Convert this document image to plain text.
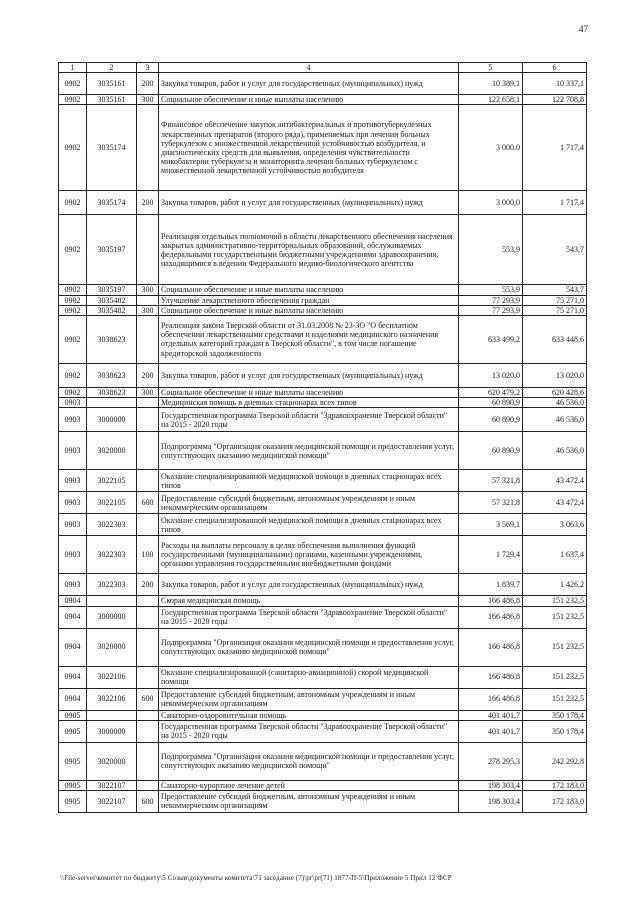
47
1	2	3	4	5	6
0902	3035161	200	Закупка товаров, работ и услуг для государственных (муниципальных) нужд	10 389,1	10 337,1
0902	3035161	300	Социальное обеспечение и иные выплаты населению	122 658,1	122 708,8
0902	3035174		Финансовое обеспечение закупок антибактериальных и противотуберкулезных лекарственных препаратов (второго ряда), применяемых при лечении больных туберкулезом с множественной лекарственной устойчивостью возбудителя, и диагностических средств для выявления, определения чувствительности микобактерии туберкулеза и мониторинга лечения больных туберкулезом с множественной лекарственной устойчивостью возбудителя	3 000,0	1 717,4
0902	3035174	200	Закупка товаров, работ и услуг для государственных (муниципальных) нужд	3 000,0	1 717,4
0902	3035197		Реализация отдельных полномочий в области лекарственного обеспечения населения закрытых административно-территориальных образований, обслуживаемых федеральными государственными бюджетными учреждениями здравоохранения, находящимися в ведении Федерального медико-биологического агентства	553,9	543,7
0902	3035197	300	Социальное обеспечение и иные выплаты населению	553,9	543,7
0902	3035482		Улучшение лекарственного обеспечения граждан	77 293,9	75 271,0
0902	3035482	300	Социальное обеспечение и иные выплаты населению	77 293,9	75 271,0
0902	3038623		Реализация закона Тверской области от 31.03.2008 № 23-ЗО "О бесплатном обеспечении лекарственными средствами и изделиями медицинского назначения отдельных категорий граждан в Тверской области", в том числе погашение кредиторской задолженности	633 499,2	633 448,6
0902	3038623	200	Закупка товаров, работ и услуг для государственных (муниципальных) нужд	13 020,0	13 020,0
0902	3038623	300	Социальное обеспечение и иные выплаты населению	620 479,2	620 428,6
0903			Медицинская помощь в дневных стационарах всех типов	60 890,9	46 536,0
0903	3000000		Государственная программа Тверской области "Здравоохранение Тверской области" на 2015 - 2020 годы	60 890,9	46 536,0
0903	3020000		Подпрограмма "Организация оказания медицинской помощи и предоставления услуг, сопутствующих оказанию медицинской помощи"	60 890,9	46 536,0
0903	3022105		Оказание специализированной медицинской помощи в дневных стационарах всех типов	57 321,8	43 472,4
0903	3022105	600	Предоставление субсидий бюджетным, автономным учреждениям и иным некоммерческим организациям	57 321,8	43 472,4
0903	3022303		Оказание специализированной медицинской помощи в дневных стационарах всех типов	3 569,1	3 063,6
0903	3022303	100	Расходы на выплаты персоналу в целях обеспечения выполнения функций государственными (муниципальными) органами, казенными учреждениями, органами управления государственными внебюджетными фондами	1 729,4	1 637,4
0903	3022303	200	Закупка товаров, работ и услуг для государственных (муниципальных) нужд	1 839,7	1 426,2
0904			Скорая медицинская помощь	166 486,8	151 232,5
0904	3000000		Государственная программа Тверской области "Здравоохранение Тверской области" на 2015 - 2020 годы	166 486,8	151 232,5
0904	3020000		Подпрограмма "Организация оказания медицинской помощи и предоставления услуг, сопутствующих оказанию медицинской помощи"	166 486,8	151 232,5
0904	3022106		Оказание специализированной (санитарно-авиационной) скорой медицинской помощи	166 486,8	151 232,5
0904	3022106	600	Предоставление субсидий бюджетным, автономным учреждениям и иным некоммерческим организациям	166 486,8	151 232,5
0905			Санаторно-оздоровительная помощь	401 401,7	350 178,4
0905	3000000		Государственная программа Тверской области "Здравоохранение Тверской области" на 2015 - 2020 годы	401 401,7	350 178,4
0905	3020000		Подпрограмма "Организация оказания медицинской помощи и предоставления услуг, сопутствующих оказанию медицинской помощи"	278 295,3	242 292,8
0905	3022107		Санаторно-курортное лечение детей	198 303,4	172 183,0
0905	3022107	600	Предоставление субсидий бюджетным, автономным учреждениям и иным некоммерческим организациям	198 303,4	172 183,0
\\File-server\комитет по бюджету\5 Созыв\документы комитета\71 заседание (7)\pr\pr(71) 1877-П-5\Приложение 5 Прил 12 ФСР
